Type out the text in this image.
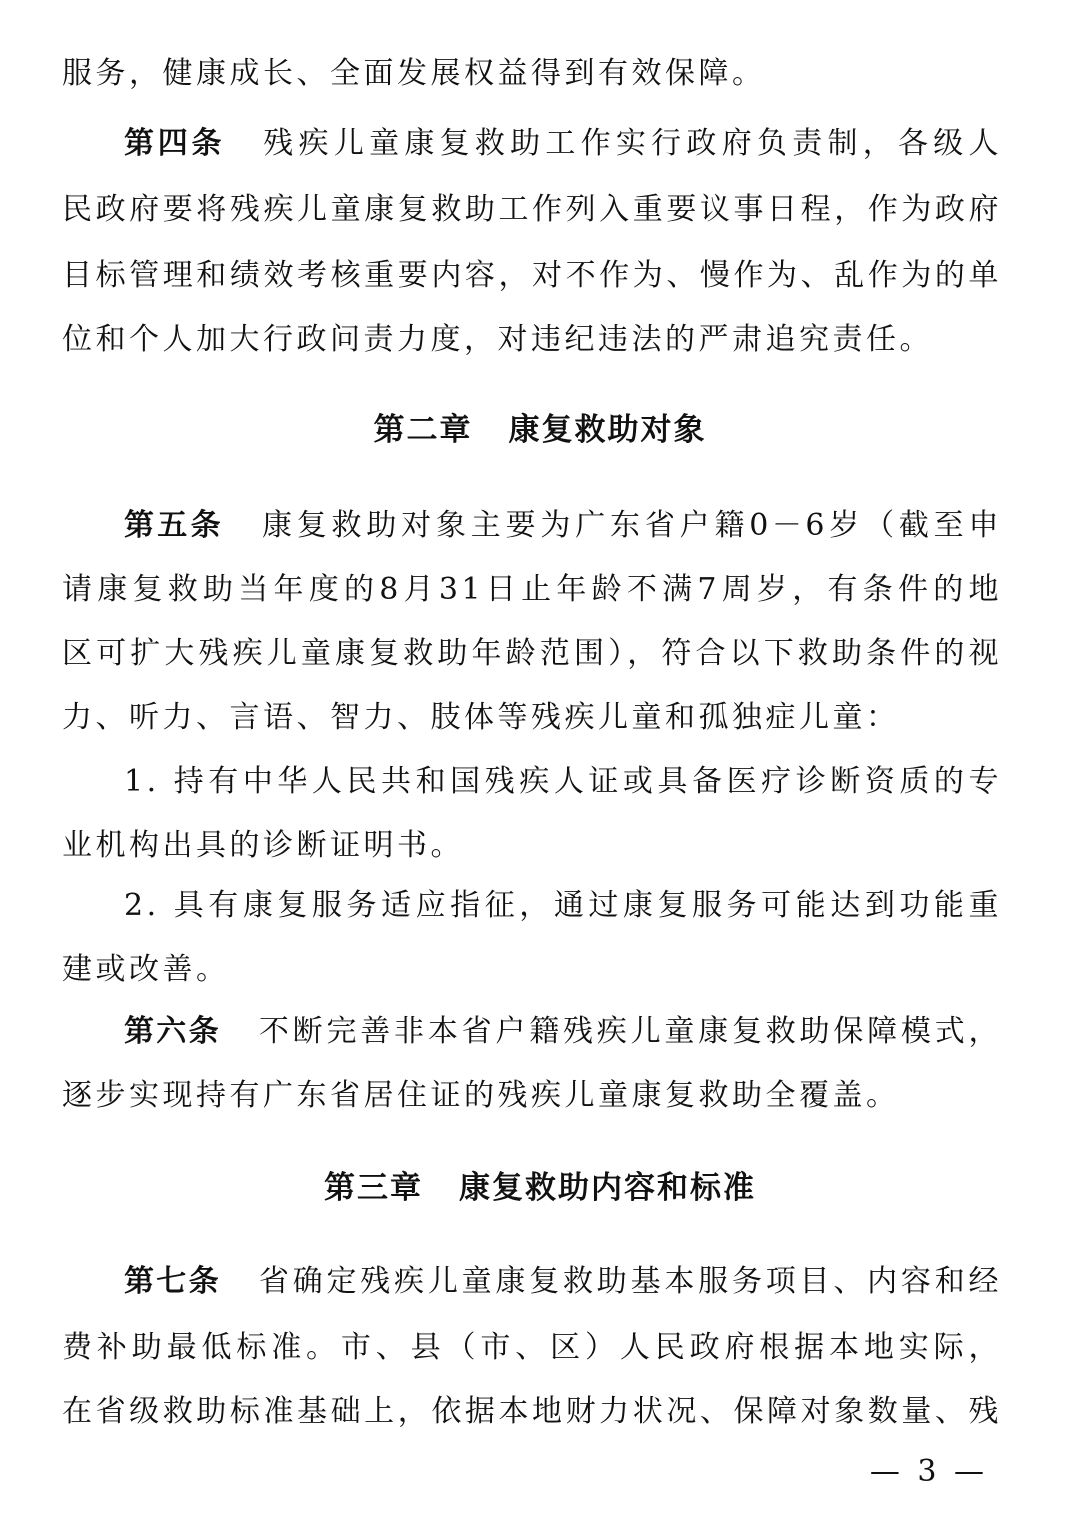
服务，健康成长、全面发展权益得到有效保障。
第四条 残疾儿童康复救助工作实行政府负责制，各级人
民政府要将残疾儿童康复救助工作列入重要议事日程，作为政府
目标管理和绩效考核重要内容，对不作为、慢作为、乱作为的单
位和个人加大行政问责力度，对违纪违法的严肃追究责任。
第二章 康复救助对象
第五条 康复救助对象主要为广东省户籍0－6岁（截至申
请康复救助当年度的8月31日止年龄不满7周岁，有条件的地
区可扩大残疾儿童康复救助年龄范围），符合以下救助条件的视
力、听力、言语、智力、肢体等残疾儿童和孤独症儿童：
1. 持有中华人民共和国残疾人证或具备医疗诊断资质的专
业机构出具的诊断证明书。
2. 具有康复服务适应指征，通过康复服务可能达到功能重
建或改善。
第六条 不断完善非本省户籍残疾儿童康复救助保障模式，
逐步实现持有广东省居住证的残疾儿童康复救助全覆盖。
第三章 康复救助内容和标准
第七条 省确定残疾儿童康复救助基本服务项目、内容和经
费补助最低标准。市、县（市、区）人民政府根据本地实际，
在省级救助标准基础上，依据本地财力状况、保障对象数量、残
— 3 —
